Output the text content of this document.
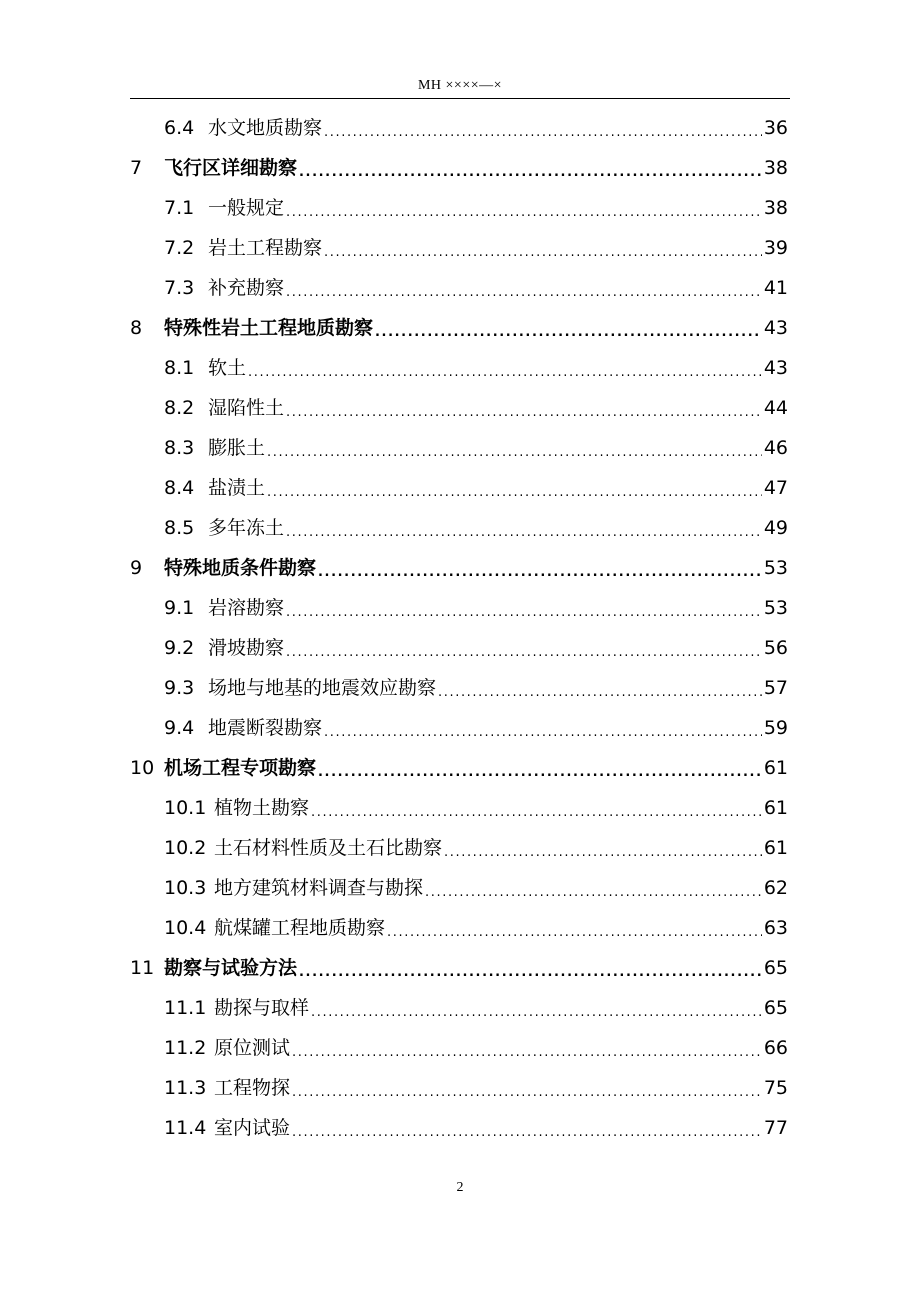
MH ××××—×
6.4 水文地质勘察 .....	36
7	飞行区详细勘察 .....	38
7.1 一般规定 .....	38
7.2 岩土工程勘察 .....	39
7.3 补充勘察 .....	41
8	特殊性岩土工程地质勘察 .....	43
8.1 软土 .....	43
8.2 湿陷性土 .....	44
8.3 膨胀土 .....	46
8.4 盐渍土 .....	47
8.5 多年冻土 .....	49
9	特殊地质条件勘察 .....	53
9.1 岩溶勘察 .....	53
9.2 滑坡勘察 .....	56
9.3 场地与地基的地震效应勘察 .....	57
9.4 地震断裂勘察 .....	59
10 机场工程专项勘察 .....	61
10.1 植物土勘察 .....	61
10.2 土石材料性质及土石比勘察 .....	61
10.3 地方建筑材料调查与勘探 .....	62
10.4 航煤罐工程地质勘察 .....	63
11 勘察与试验方法 .....	65
11.1 勘探与取样 .....	65
11.2 原位测试 .....	66
11.3 工程物探 .....	75
11.4 室内试验 .....	77
2
